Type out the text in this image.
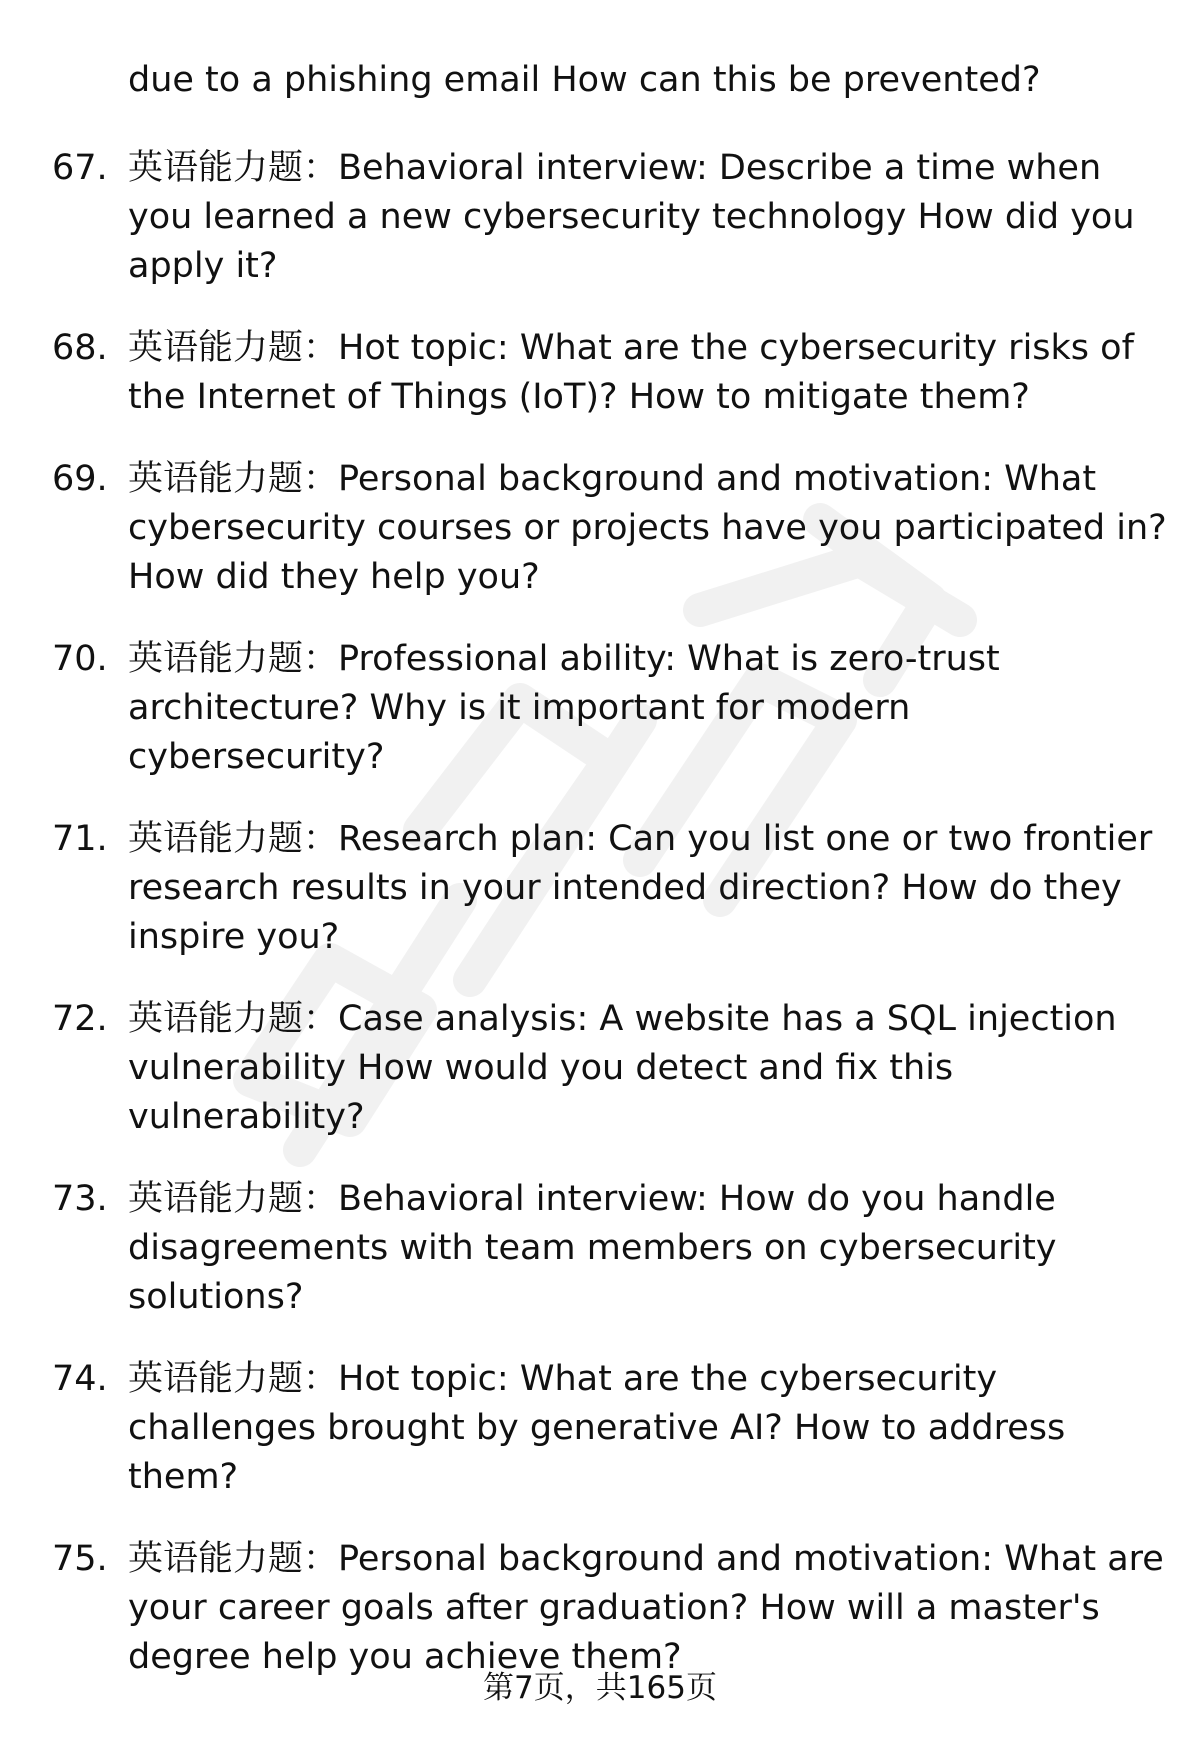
due to a phishing email How can this be prevented?
67. 英语能力题：Behavioral interview: Describe a time when you learned a new cybersecurity technology How did you apply it?
68. 英语能力题：Hot topic: What are the cybersecurity risks of the Internet of Things (IoT)? How to mitigate them?
69. 英语能力题：Personal background and motivation: What cybersecurity courses or projects have you participated in? How did they help you?
70. 英语能力题：Professional ability: What is zero-trust architecture? Why is it important for modern cybersecurity?
71. 英语能力题：Research plan: Can you list one or two frontier research results in your intended direction? How do they inspire you?
72. 英语能力题：Case analysis: A website has a SQL injection vulnerability How would you detect and fix this vulnerability?
73. 英语能力题：Behavioral interview: How do you handle disagreements with team members on cybersecurity solutions?
74. 英语能力题：Hot topic: What are the cybersecurity challenges brought by generative AI? How to address them?
75. 英语能力题：Personal background and motivation: What are your career goals after graduation? How will a master's degree help you achieve them?
第7页，共165页
